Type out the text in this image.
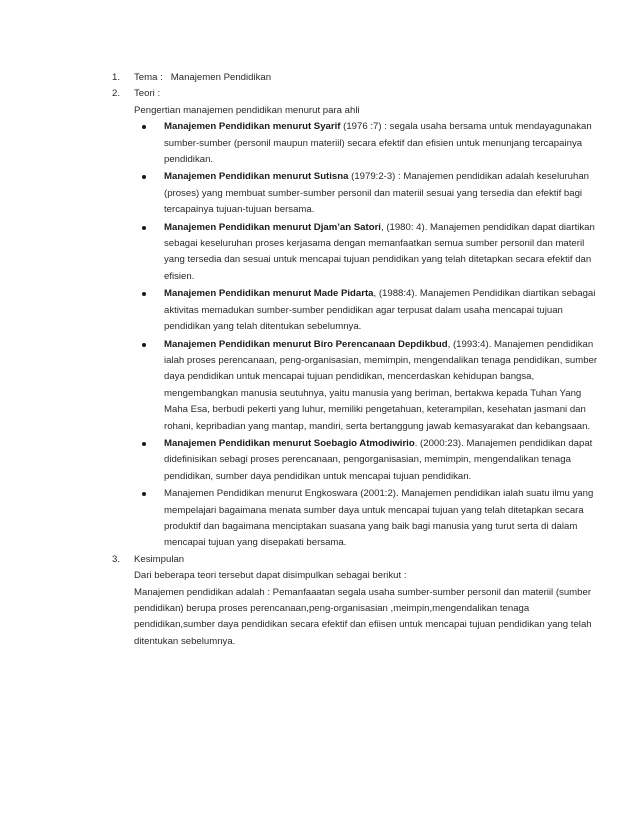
1.	Tema :   Manajemen Pendidikan
2.	Teori :
Pengertian manajemen pendidikan menurut para ahli
Manajemen Pendidikan menurut Syarif (1976 :7) : segala usaha bersama untuk mendayagunakan sumber-sumber (personil maupun materiil) secara efektif dan efisien untuk menunjang tercapainya pendidikan.
Manajemen Pendidikan menurut Sutisna (1979:2-3) : Manajemen pendidikan adalah keseluruhan (proses) yang membuat sumber-sumber personil dan materiil sesuai yang tersedia dan efektif bagi tercapainya tujuan-tujuan bersama.
Manajemen Pendidikan menurut Djam’an Satori, (1980: 4). Manajemen pendidikan dapat diartikan sebagai keseluruhan proses kerjasama dengan memanfaatkan semua sumber personil dan materil yang tersedia dan sesuai untuk mencapai tujuan pendidikan yang telah ditetapkan secara efektif dan efisien.
Manajemen Pendidikan menurut Made Pidarta, (1988:4). Manajemen Pendidikan diartikan sebagai aktivitas memadukan sumber-sumber pendidikan agar terpusat dalam usaha mencapai tujuan pendidikan yang telah ditentukan sebelumnya.
Manajemen Pendidikan menurut Biro Perencanaan Depdikbud, (1993:4). Manajemen pendidikan ialah proses perencanaan, peng-organisasian, memimpin, mengendalikan tenaga pendidikan, sumber daya pendidikan untuk mencapai tujuan pendidikan, mencerdaskan kehidupan bangsa, mengembangkan manusia seutuhnya, yaitu manusia yang beriman, bertakwa kepada Tuhan Yang Maha Esa, berbudi pekerti yang luhur, memiliki pengetahuan, keterampilan, kesehatan jasmani dan rohani, kepribadian yang mantap, mandiri, serta bertanggung jawab kemasyarakat dan kebangsaan.
Manajemen Pendidikan menurut Soebagio Atmodiwirio. (2000:23). Manajemen pendidikan dapat didefinisikan sebagi proses perencanaan, pengorganisasian, memimpin, mengendalikan tenaga pendidikan, sumber daya pendidikan untuk mencapai tujuan pendidikan.
Manajemen Pendidikan menurut Engkoswara (2001:2). Manajemen pendidikan ialah suatu ilmu yang mempelajari bagaimana menata sumber daya untuk mencapai tujuan yang telah ditetapkan secara produktif dan bagaimana menciptakan suasana yang baik bagi manusia yang turut serta di dalam mencapai tujuan yang disepakati bersama.
3.	Kesimpulan
Dari beberapa teori tersebut dapat disimpulkan sebagai berikut :
Manajemen pendidikan adalah : Pemanfaaatan segala usaha sumber-sumber personil dan materiil (sumber pendidikan) berupa proses perencanaan,peng-organisasian ,meimpin,mengendalikan tenaga pendidikan,sumber daya pendidikan secara efektif dan efiisen untuk mencapai tujuan pendidikan yang telah ditentukan sebelumnya.
